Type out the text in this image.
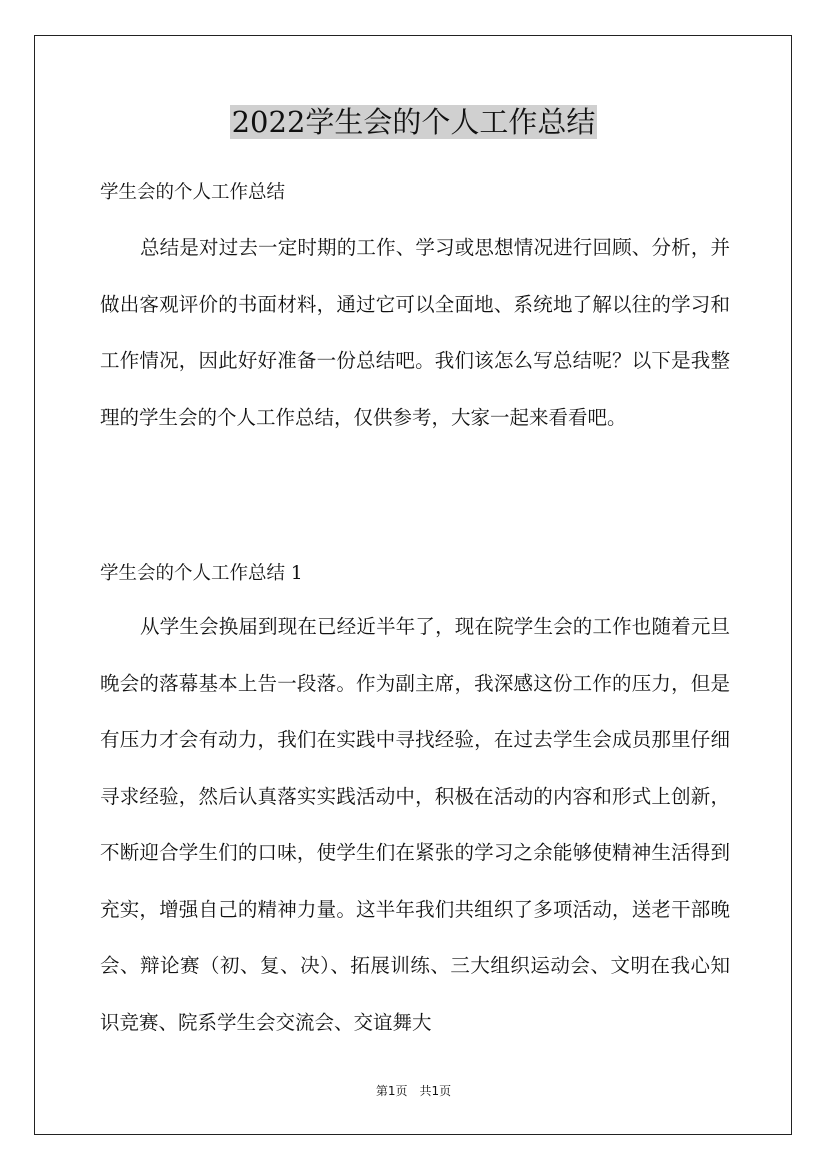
2022学生会的个人工作总结
学生会的个人工作总结

总结是对过去一定时期的工作、学习或思想情况进行回顾、分析，并做出客观评价的书面材料，通过它可以全面地、系统地了解以往的学习和工作情况，因此好好准备一份总结吧。我们该怎么写总结呢？以下是我整理的学生会的个人工作总结，仅供参考，大家一起来看看吧。

学生会的个人工作总结 1

从学生会换届到现在已经近半年了，现在院学生会的工作也随着元旦晚会的落幕基本上告一段落。作为副主席，我深感这份工作的压力，但是有压力才会有动力，我们在实践中寻找经验，在过去学生会成员那里仔细寻求经验，然后认真落实实践活动中，积极在活动的内容和形式上创新，不断迎合学生们的口味，使学生们在紧张的学习之余能够使精神生活得到充实，增强自己的精神力量。这半年我们共组织了多项活动，送老干部晚会、辩论赛（初、复、决）、拓展训练、三大组织运动会、文明在我心知识竞赛、院系学生会交流会、交谊舞大

第1页　共1页
